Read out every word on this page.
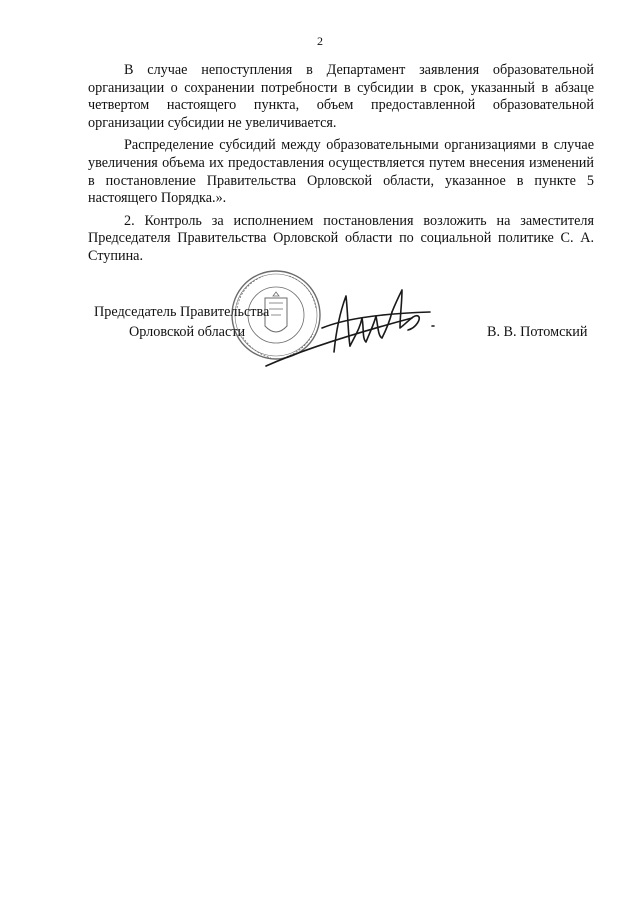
2

В случае непоступления в Департамент заявления образовательной организации о сохранении потребности в субсидии в срок, указанный в абзаце четвертом настоящего пункта, объем предоставленной образовательной организации субсидии не увеличивается.

Распределение субсидий между образовательными организациями в случае увеличения объема их предоставления осуществляется путем внесения изменений в постановление Правительства Орловской области, указанное в пункте 5 настоящего Порядка.».

2. Контроль за исполнением постановления возложить на заместителя Председателя Правительства Орловской области по социальной политике С. А. Ступина.

Председатель Правительства
Орловской области	В. В. Потомский
